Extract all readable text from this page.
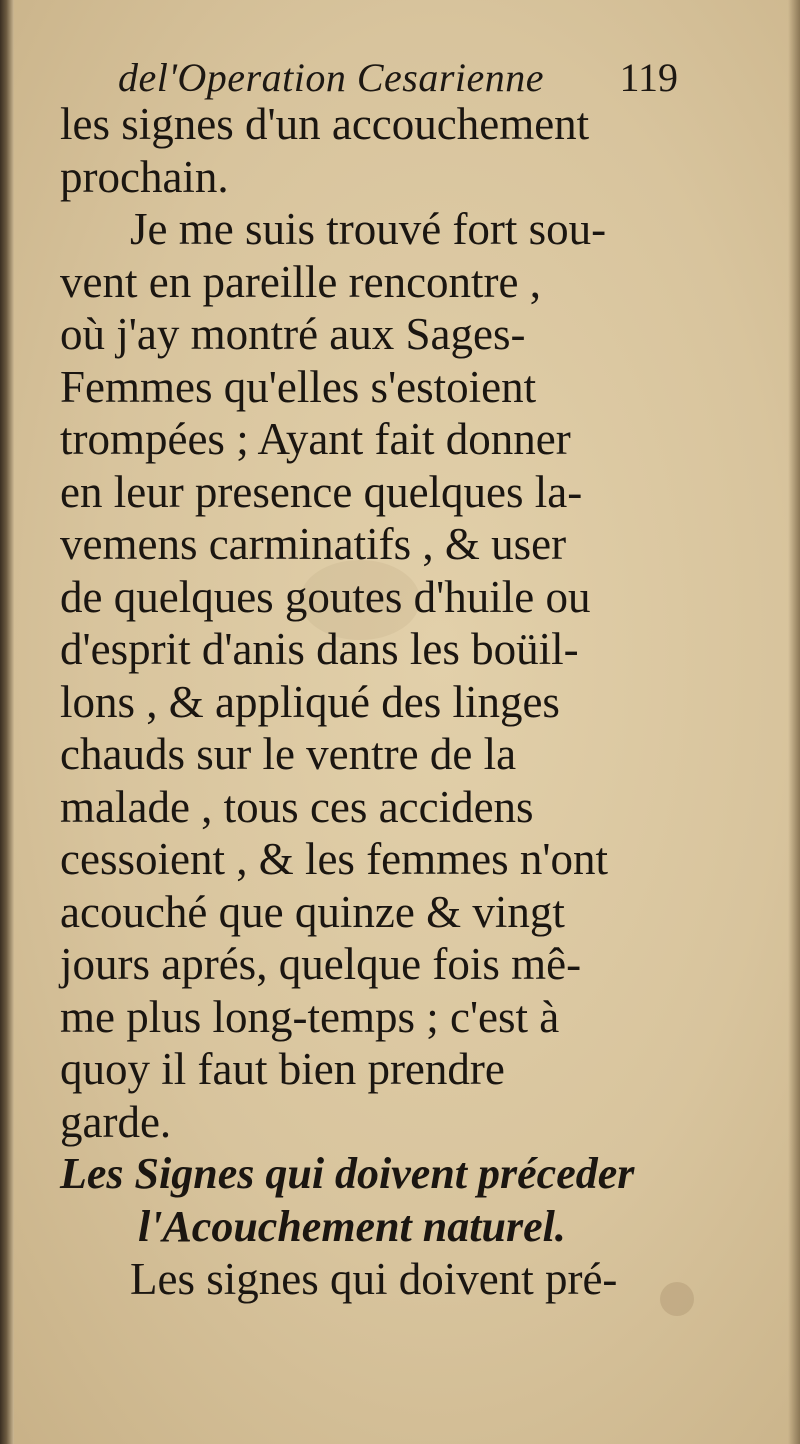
del'Operation Cesarienne 119
les signes d'un accouchement
prochain.
Je me suis trouvé fort sou-
vent en pareille rencontre ,
où j'ay montré aux Sages-
Femmes qu'elles s'estoient
trompées ; Ayant fait donner
en leur presence quelques la-
vemens carminatifs , & user
de quelques goutes d'huile ou
d'esprit d'anis dans les boüil-
lons , & appliqué des linges
chauds sur le ventre de la
malade , tous ces accidens
cessoient , & les femmes n'ont
acouché que quinze & vingt
jours aprés, quelque fois mê-
me plus long-temps ; c'est à
quoy il faut bien prendre
garde.
Les Signes qui doivent préceder
l'Acouchement naturel.
Les signes qui doivent pré-
